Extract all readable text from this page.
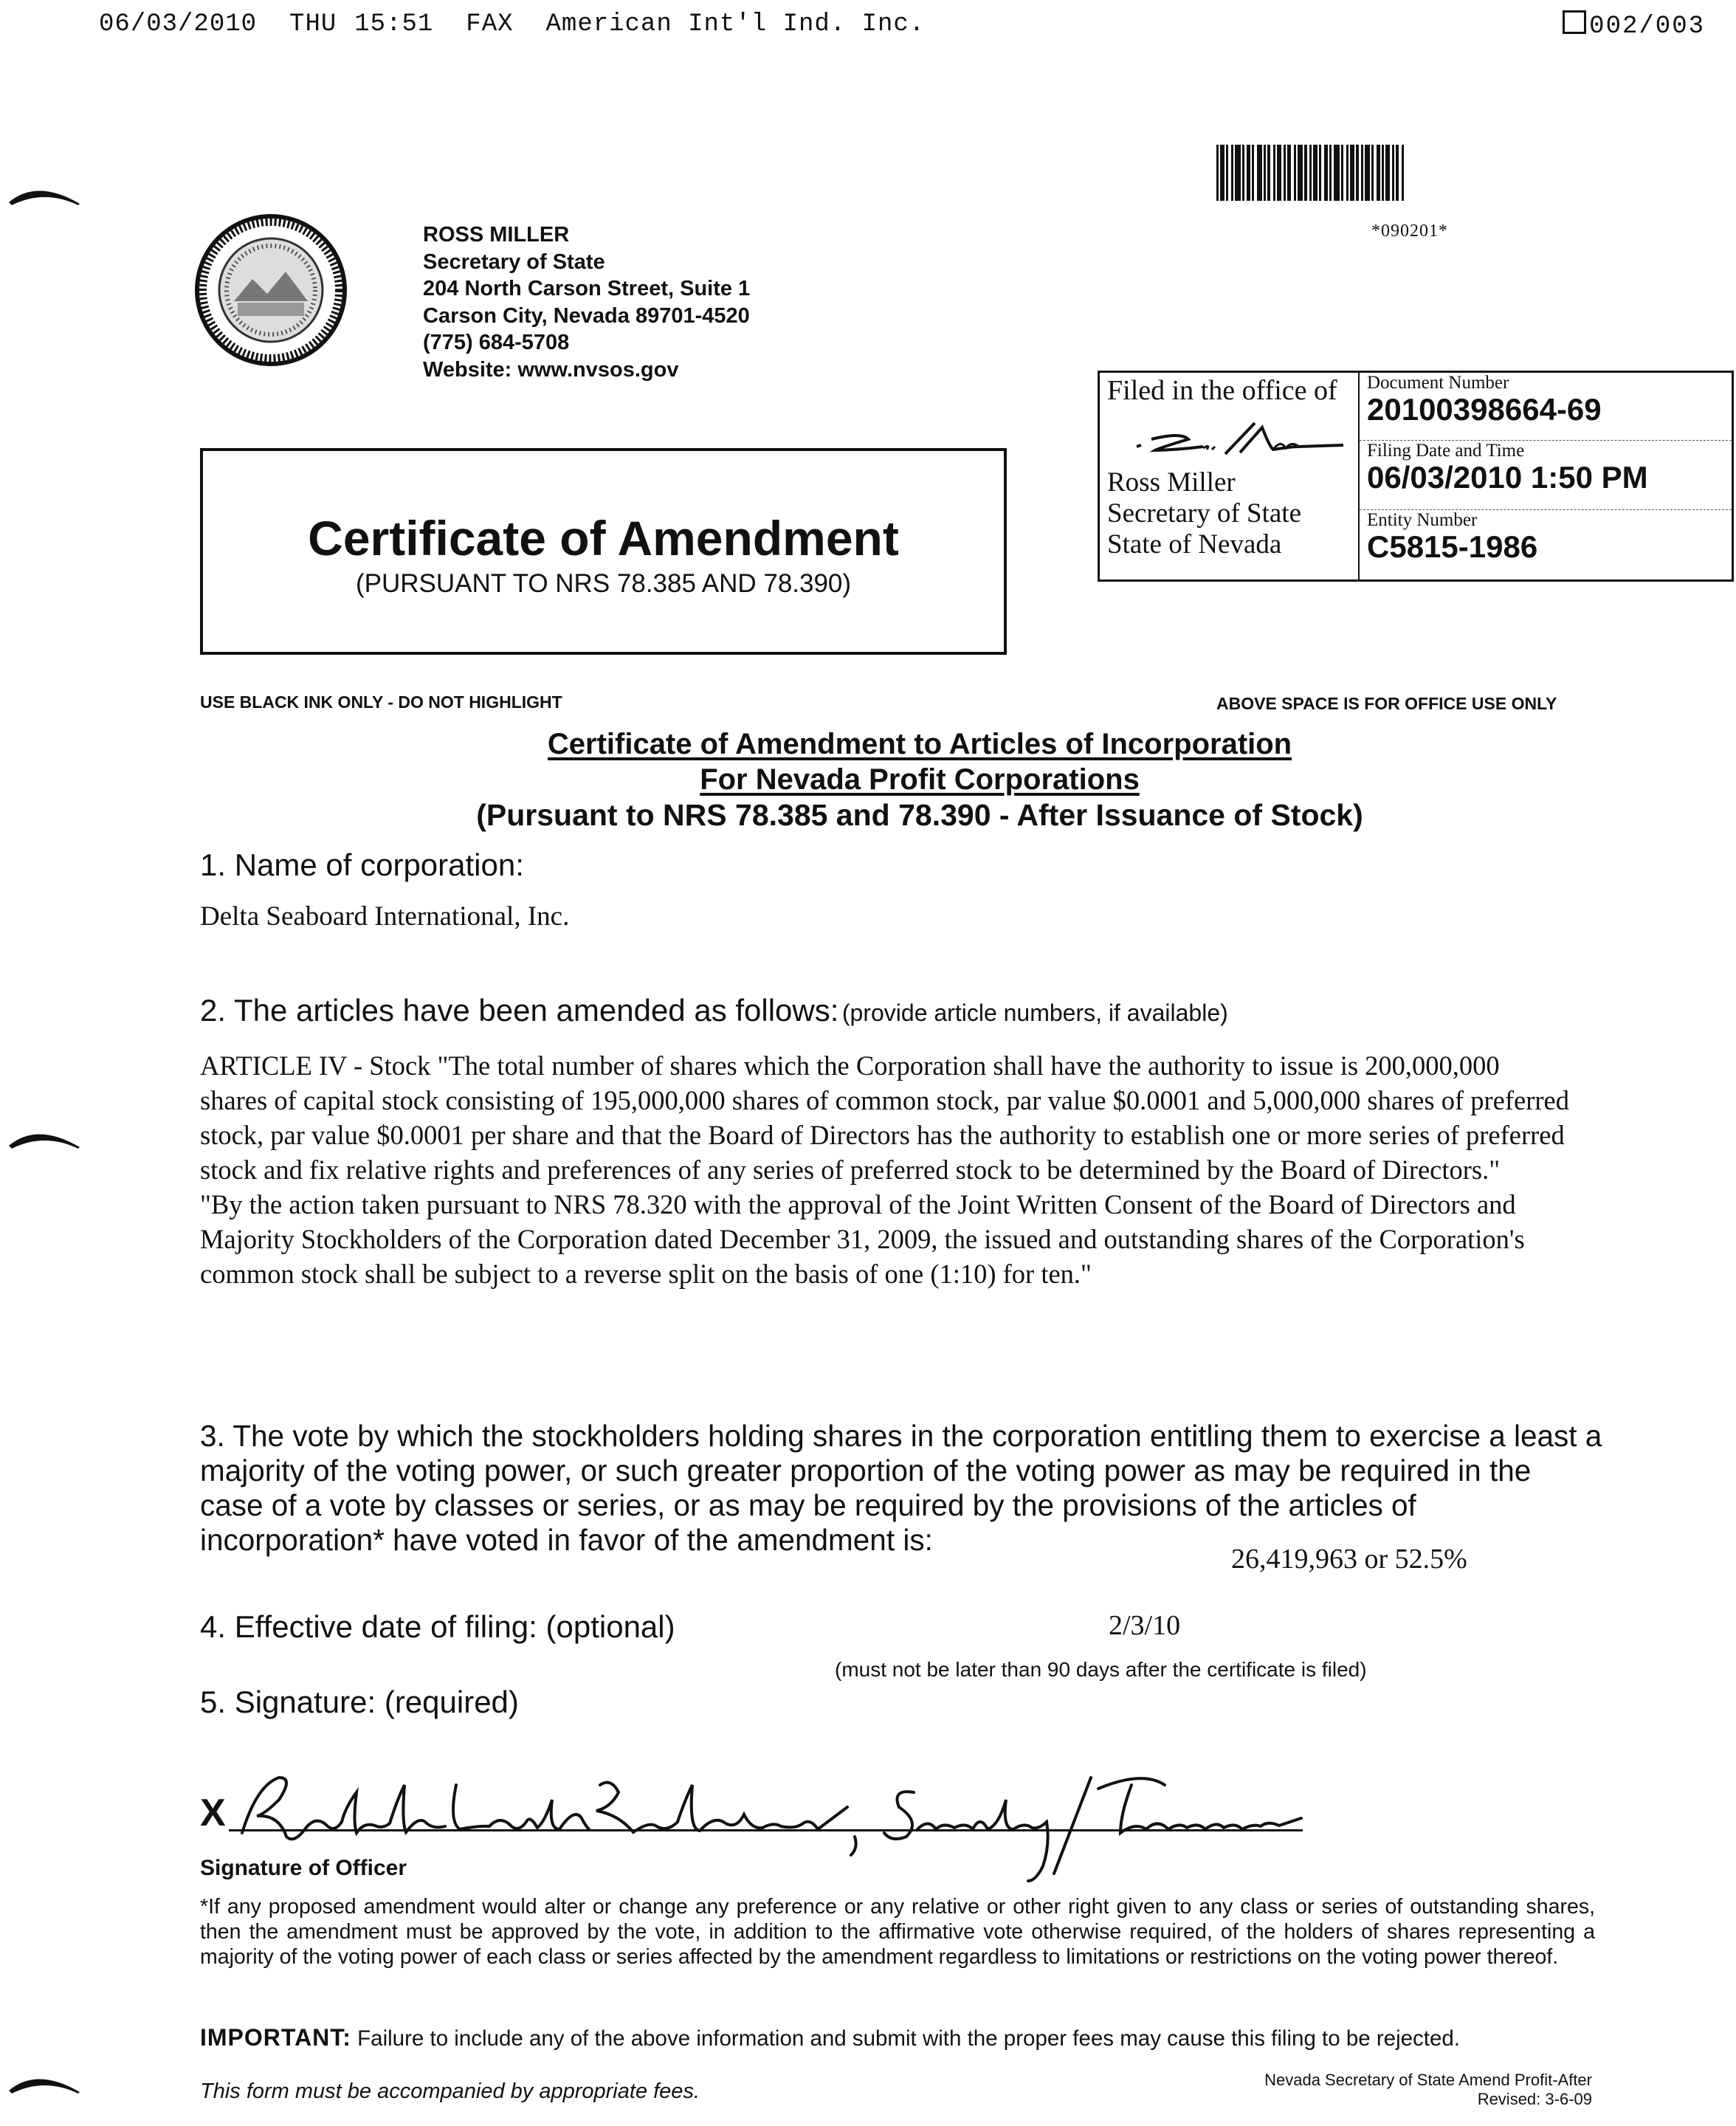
06/03/2010 THU 15:51 FAX American Int'l Ind. Inc.	002/003
ROSS MILLER
Secretary of State
204 North Carson Street, Suite 1
Carson City, Nevada 89701-4520
(775) 684-5708
Website: www.nvsos.gov
*090201*
Filed in the office of
Ross Miller
Secretary of State
State of Nevada
Document Number
20100398664-69
Filing Date and Time
06/03/2010 1:50 PM
Entity Number
C5815-1986
Certificate of Amendment
(PURSUANT TO NRS 78.385 AND 78.390)
USE BLACK INK ONLY - DO NOT HIGHLIGHT	ABOVE SPACE IS FOR OFFICE USE ONLY
Certificate of Amendment to Articles of Incorporation
For Nevada Profit Corporations
(Pursuant to NRS 78.385 and 78.390 - After Issuance of Stock)
1. Name of corporation:
Delta Seaboard International, Inc.
2. The articles have been amended as follows: (provide article numbers, if available)

ARTICLE IV - Stock "The total number of shares which the Corporation shall have the authority to issue is 200,000,000 shares of capital stock consisting of 195,000,000 shares of common stock, par value $0.0001 and 5,000,000 shares of preferred stock, par value $0.0001 per share and that the Board of Directors has the authority to establish one or more series of preferred stock and fix relative rights and preferences of any series of preferred stock to be determined by the Board of Directors."

"By the action taken pursuant to NRS 78.320 with the approval of the Joint Written Consent of the Board of Directors and Majority Stockholders of the Corporation dated December 31, 2009, the issued and outstanding shares of the Corporation's common stock shall be subject to a reverse split on the basis of one (1:10) for ten."

3. The vote by which the stockholders holding shares in the corporation entitling them to exercise a least a majority of the voting power, or such greater proportion of the voting power as may be required in the case of a vote by classes or series, or as may be required by the provisions of the articles of incorporation* have voted in favor of the amendment is:
26,419,963 or 52.5%
4. Effective date of filing: (optional)	2/3/10
(must not be later than 90 days after the certificate is filed)
5. Signature: (required)
X
Signature of Officer
*If any proposed amendment would alter or change any preference or any relative or other right given to any class or series of outstanding shares, then the amendment must be approved by the vote, in addition to the affirmative vote otherwise required, of the holders of shares representing a majority of the voting power of each class or series affected by the amendment regardless to limitations or restrictions on the voting power thereof.
IMPORTANT: Failure to include any of the above information and submit with the proper fees may cause this filing to be rejected.
This form must be accompanied by appropriate fees.	Nevada Secretary of State Amend Profit-After
Revised: 3-6-09
